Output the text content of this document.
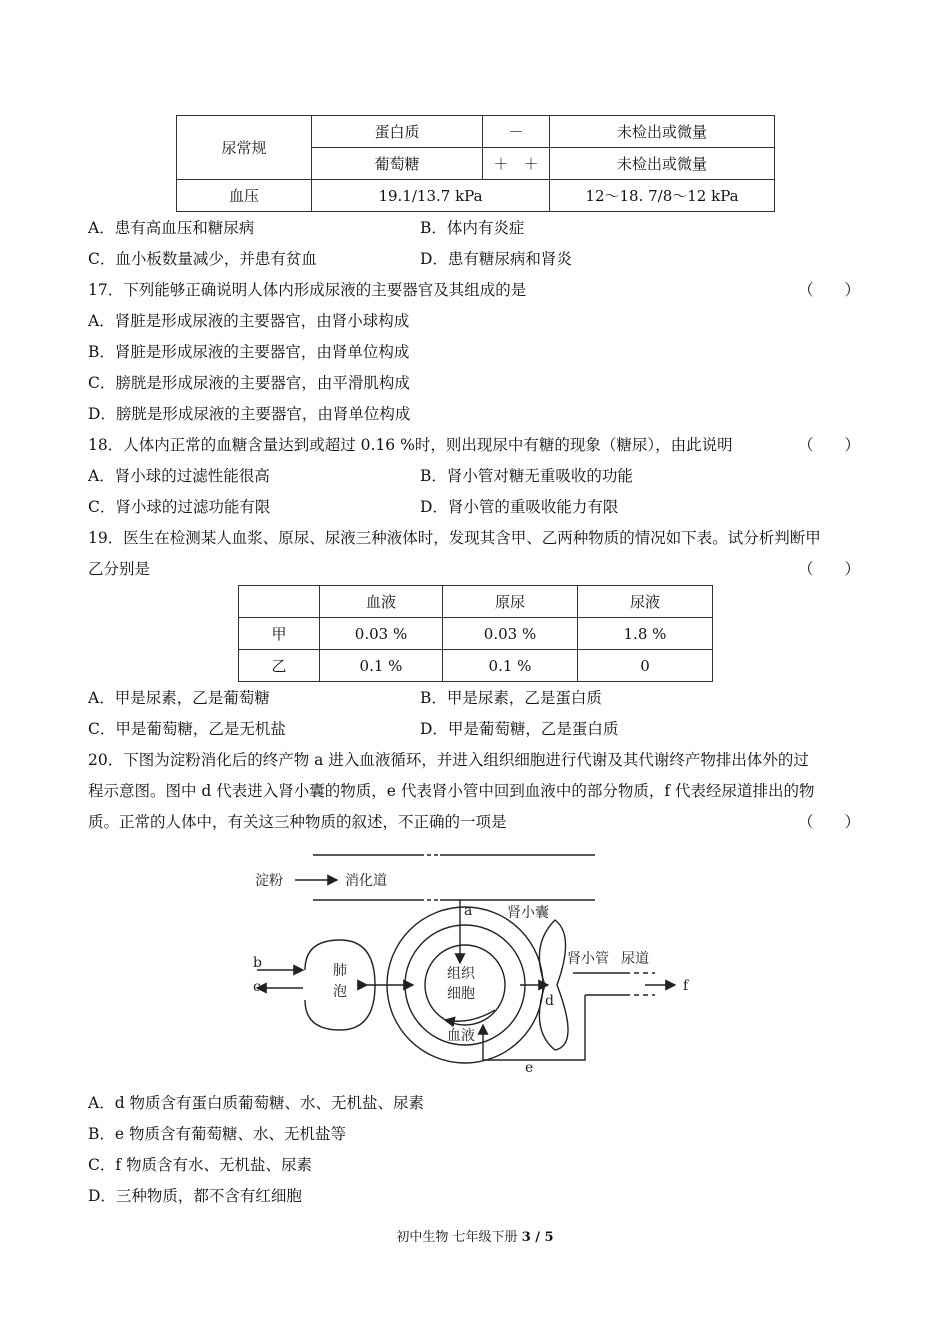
尿常规	蛋白质	－	未检出或微量
	葡萄糖	＋　＋	未检出或微量
血压	19.1/13.7 kPa		12～18. 7/8～12 kPa
A．患有高血压和糖尿病	B．体内有炎症
C．血小板数量减少，并患有贫血	D．患有糖尿病和肾炎
17．下列能够正确说明人体内形成尿液的主要器官及其组成的是	（　　）
A．肾脏是形成尿液的主要器官，由肾小球构成
B．肾脏是形成尿液的主要器官，由肾单位构成
C．膀胱是形成尿液的主要器官，由平滑肌构成
D．膀胱是形成尿液的主要器官，由肾单位构成
18．人体内正常的血糖含量达到或超过 0.16 %时，则出现尿中有糖的现象（糖尿），由此说明	（　　）
A．肾小球的过滤性能很高	B．肾小管对糖无重吸收的功能
C．肾小球的过滤功能有限	D．肾小管的重吸收能力有限
19．医生在检测某人血浆、原尿、尿液三种液体时，发现其含甲、乙两种物质的情况如下表。试分析判断甲
乙分别是	（　　）
	血液	原尿	尿液
甲	0.03 %	0.03 %	1.8 %
乙	0.1 %	0.1 %	0
A．甲是尿素，乙是葡萄糖	B．甲是尿素，乙是蛋白质
C．甲是葡萄糖，乙是无机盐	D．甲是葡萄糖，乙是蛋白质
20．下图为淀粉消化后的终产物 a 进入血液循环，并进入组织细胞进行代谢及其代谢终产物排出体外的过
程示意图。图中 d 代表进入肾小囊的物质，e 代表肾小管中回到血液中的部分物质，f 代表经尿道排出的物
质。正常的人体中，有关这三种物质的叙述，不正确的一项是	（　　）
淀粉	消化道
a 肾小囊
b
c
肺
泡
组织
细胞
肾小管 尿道
f
d
血液
e
A．d 物质含有蛋白质葡萄糖、水、无机盐、尿素
B．e 物质含有葡萄糖、水、无机盐等
C．f 物质含有水、无机盐、尿素
D．三种物质，都不含有红细胞
初中生物 七年级下册 3 / 5
